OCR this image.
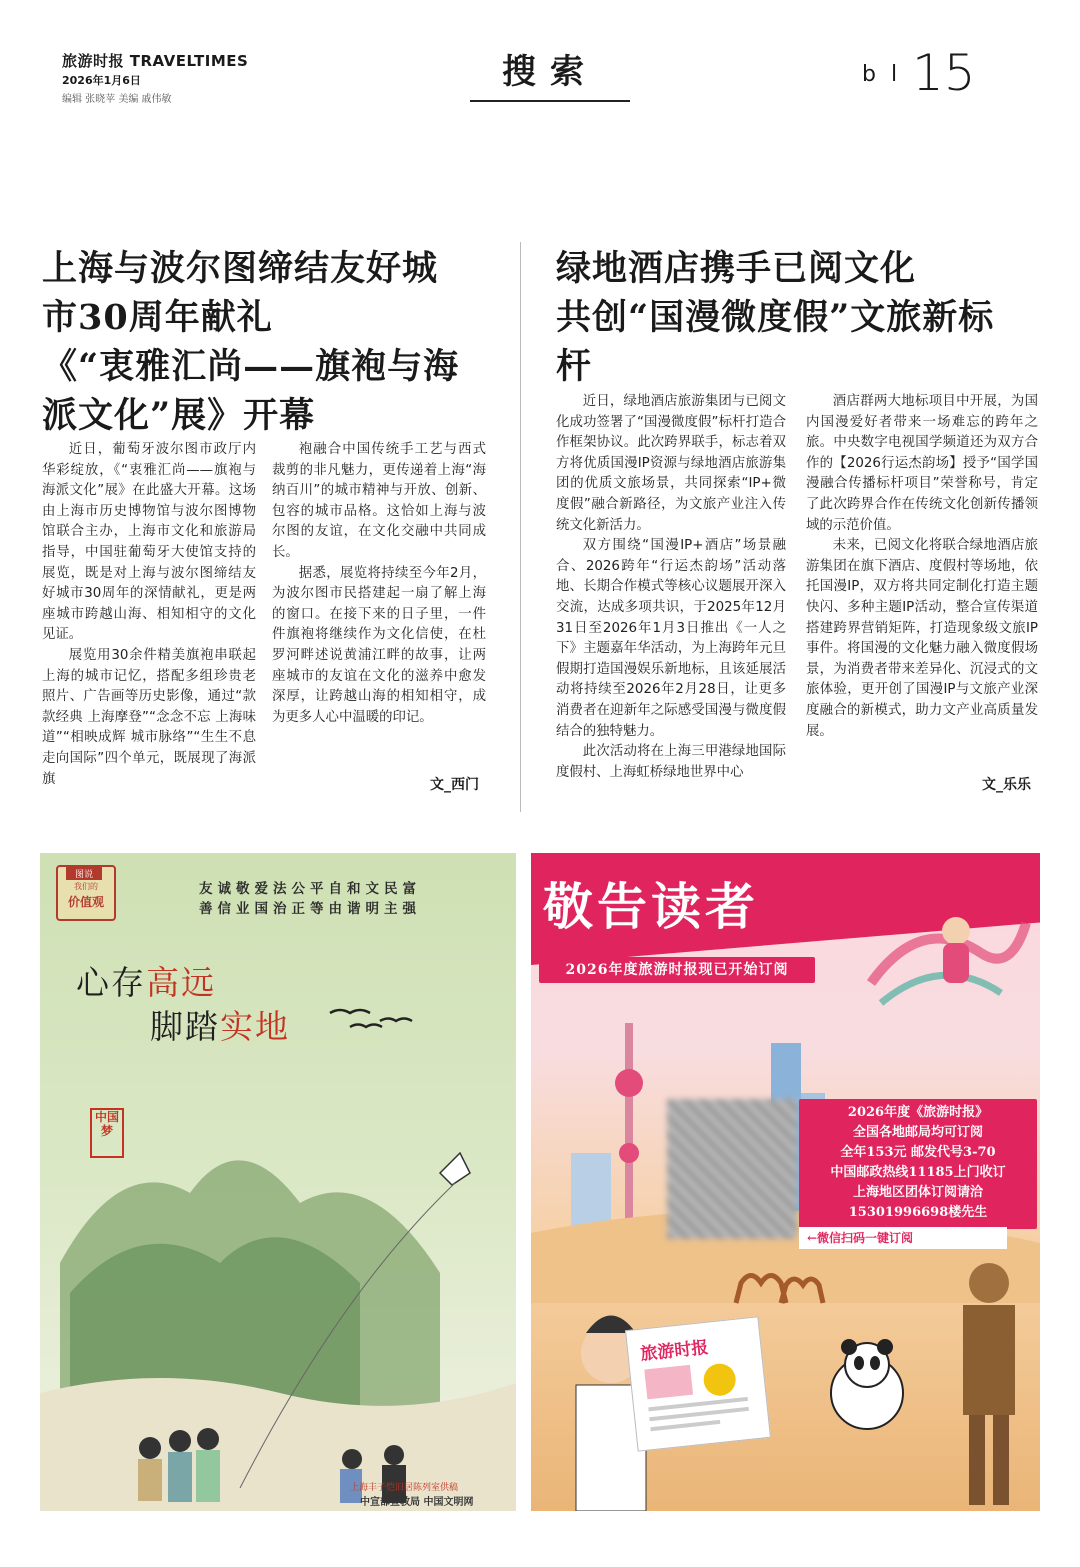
旅游时报 TRAVELTIMES
2026年1月6日
编辑 张晓苹 美编 戚伟敏
搜索	b l 15
上海与波尔图缔结友好城
市30周年献礼
《“衷雅汇尚——旗袍与海
派文化”展》开幕

近日，葡萄牙波尔图市政厅内华彩绽放，《“衷雅汇尚——旗袍与海派文化”展》在此盛大开幕。这场由上海市历史博物馆与波尔图博物馆联合主办，上海市文化和旅游局指导，中国驻葡萄牙大使馆支持的展览，既是对上海与波尔图缔结友好城市30周年的深情献礼，更是两座城市跨越山海、相知相守的文化见证。

展览用30余件精美旗袍串联起上海的城市记忆，搭配多组珍贵老照片、广告画等历史影像，通过“款款经典 上海摩登”“念念不忘 上海味道”“相映成辉 城市脉络”“生生不息 走向国际”四个单元，既展现了海派旗

袍融合中国传统手工艺与西式裁剪的非凡魅力，更传递着上海“海纳百川”的城市精神与开放、创新、包容的城市品格。这恰如上海与波尔图的友谊，在文化交融中共同成长。

据悉，展览将持续至今年2月，为波尔图市民搭建起一扇了解上海的窗口。在接下来的日子里，一件件旗袍将继续作为文化信使，在杜罗河畔述说黄浦江畔的故事，让两座城市的友谊在文化的滋养中愈发深厚，让跨越山海的相知相守，成为更多人心中温暖的印记。

文_西门
绿地酒店携手已阅文化
共创“国漫微度假”文旅新标
杆

近日，绿地酒店旅游集团与已阅文化成功签署了“国漫微度假”标杆打造合作框架协议。此次跨界联手，标志着双方将优质国漫IP资源与绿地酒店旅游集团的优质文旅场景，共同探索“IP+微度假”融合新路径，为文旅产业注入传统文化新活力。

双方围绕“国漫IP+酒店”场景融合、2026跨年“行运杰韵场”活动落地、长期合作模式等核心议题展开深入交流，达成多项共识，于2025年12月31日至2026年1月3日推出《一人之下》主题嘉年华活动，为上海跨年元旦假期打造国漫娱乐新地标，且该延展活动将持续至2026年2月28日，让更多消费者在迎新年之际感受国漫与微度假结合的独特魅力。

此次活动将在上海三甲港绿地国际度假村、上海虹桥绿地世界中心

酒店群两大地标项目中开展，为国内国漫爱好者带来一场难忘的跨年之旅。中央数字电视国学频道还为双方合作的【2026行运杰韵场】授予“国学国漫融合传播标杆项目”荣誉称号，肯定了此次跨界合作在传统文化创新传播领域的示范价值。

未来，已阅文化将联合绿地酒店旅游集团在旗下酒店、度假村等场地，依托国漫IP，双方将共同定制化打造主题快闪、多种主题IP活动，整合宣传渠道搭建跨界营销矩阵，打造现象级文旅IP事件。将国漫的文化魅力融入微度假场景，为消费者带来差异化、沉浸式的文旅体验，更开创了国漫IP与文旅产业深度融合的新模式，助力文产业高质量发展。

文_乐乐
图说
我们的
价值观
友诚敬爱法公平自和文民富
善信业国治正等由谐明主强
心存高远
脚踏实地
中国梦
上海丰子恺旧居陈列室供稿
中宣部宣教局 中国文明网
敬告读者
2026年度旅游时报现已开始订阅
2026年度《旅游时报》
全国各地邮局均可订阅
全年153元 邮发代号3-70
中国邮政热线11185上门收订
上海地区团体订阅请洽
15301996698楼先生
←微信扫码一键订阅
旅游时报
